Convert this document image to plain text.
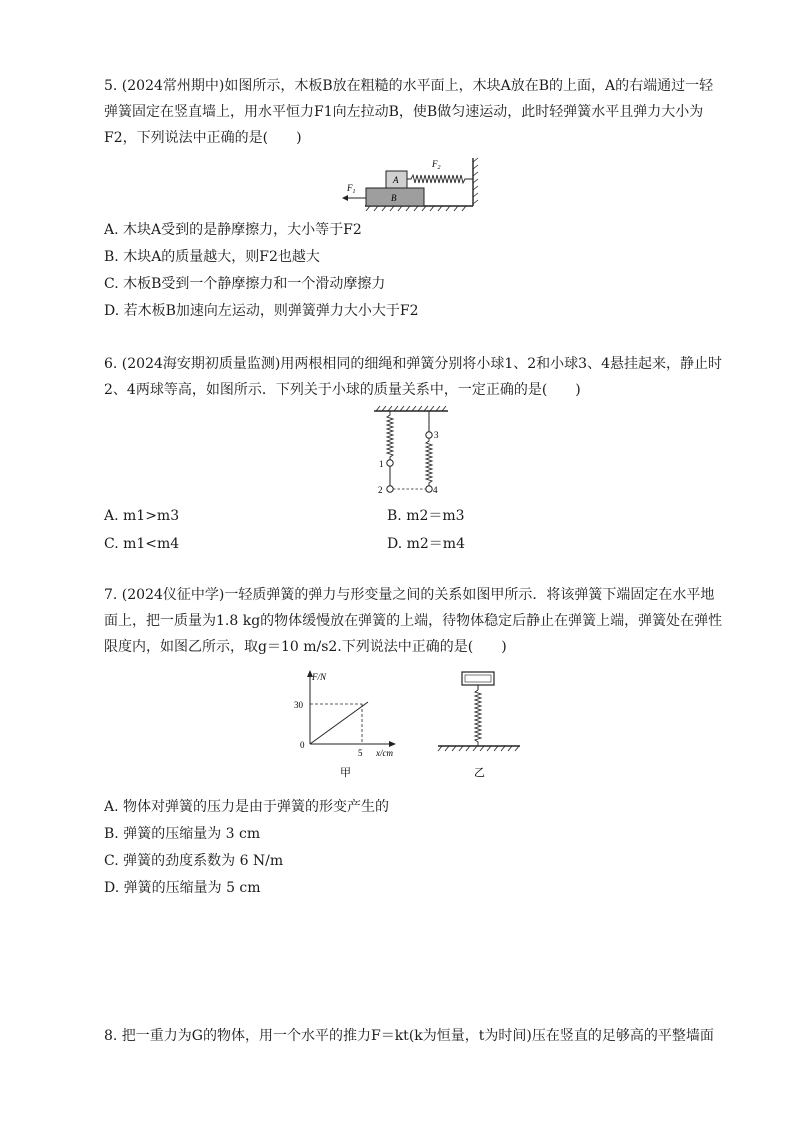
5. (2024常州期中)如图所示，木板B放在粗糙的水平面上，木块A放在B的上面，A的右端通过一轻弹簧固定在竖直墙上，用水平恒力F1向左拉动B，使B做匀速运动，此时轻弹簧水平且弹力大小为F2，下列说法中正确的是(　　)

$F_1$
$F_2$
A
B
A. 木块A受到的是静摩擦力，大小等于F2
B. 木块A的质量越大，则F2也越大
C. 木板B受到一个静摩擦力和一个滑动摩擦力
D. 若木板B加速向左运动，则弹簧弹力大小大于F2

6. (2024海安期初质量监测)用两根相同的细绳和弹簧分别将小球1、2和小球3、4悬挂起来，静止时2、4两球等高，如图所示．下列关于小球的质量关系中，一定正确的是(　　)

1
2
3
4
A. m1>m3	B. m2＝m3
C. m1<m4	D. m2＝m4

7. (2024仪征中学)一轻质弹簧的弹力与形变量之间的关系如图甲所示．将该弹簧下端固定在水平地面上，把一质量为1.8 kg的物体缓慢放在弹簧的上端，待物体稳定后静止在弹簧上端，弹簧处在弹性限度内，如图乙所示，取g＝10 m/s2.下列说法中正确的是(　　)

F/N
30
0
5 x/cm
甲	乙
A. 物体对弹簧的压力是由于弹簧的形变产生的
B. 弹簧的压缩量为 3 cm
C. 弹簧的劲度系数为 6 N/m
D. 弹簧的压缩量为 5 cm

8. 把一重力为G的物体，用一个水平的推力F＝kt(k为恒量，t为时间)压在竖直的足够高的平整墙面
